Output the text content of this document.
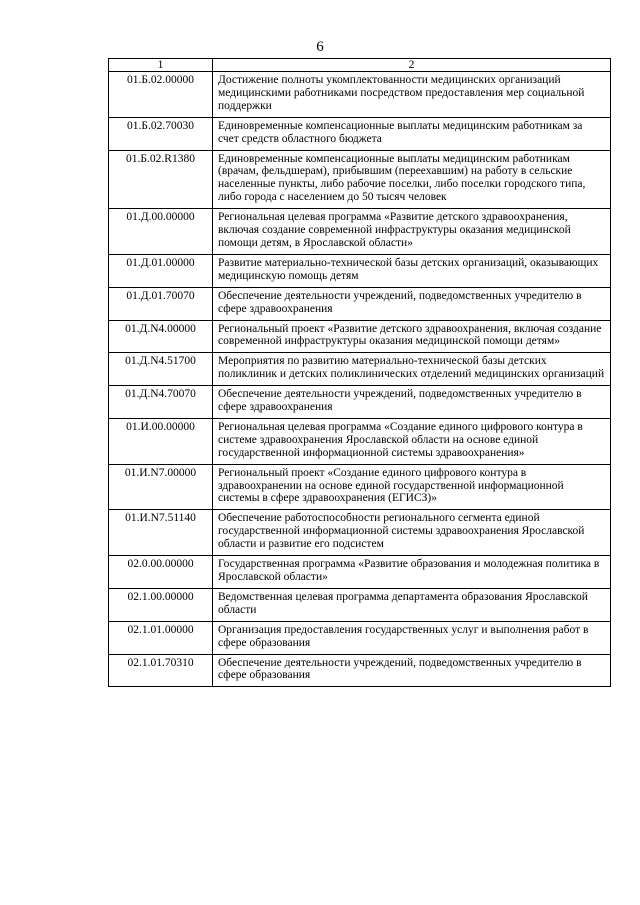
6
1	2
01.Б.02.00000	Достижение полноты укомплектованности медицинских организаций медицинскими работниками посредством предоставления мер социальной поддержки
01.Б.02.70030	Единовременные компенсационные выплаты медицинским работникам за счет средств областного бюджета
01.Б.02.R1380	Единовременные компенсационные выплаты медицинским работникам (врачам, фельдшерам), прибывшим (переехавшим) на работу в сельские населенные пункты, либо рабочие поселки, либо поселки городского типа, либо города с населением до 50 тысяч человек
01.Д.00.00000	Региональная целевая программа «Развитие детского здравоохранения, включая создание современной инфраструктуры оказания медицинской помощи детям, в Ярославской области»
01.Д.01.00000	Развитие материально-технической базы детских организаций, оказывающих медицинскую помощь детям
01.Д.01.70070	Обеспечение деятельности учреждений, подведомственных учредителю в сфере здравоохранения
01.Д.N4.00000	Региональный проект «Развитие детского здравоохранения, включая создание современной инфраструктуры оказания медицинской помощи детям»
01.Д.N4.51700	Мероприятия по развитию материально-технической базы детских поликлиник и детских поликлинических отделений медицинских организаций
01.Д.N4.70070	Обеспечение деятельности учреждений, подведомственных учредителю в сфере здравоохранения
01.И.00.00000	Региональная целевая программа «Создание единого цифрового контура в системе здравоохранения Ярославской области на основе единой государственной информационной системы здравоохранения»
01.И.N7.00000	Региональный проект «Создание единого цифрового контура в здравоохранении на основе единой государственной информационной системы в сфере здравоохранения (ЕГИСЗ)»
01.И.N7.51140	Обеспечение работоспособности регионального сегмента единой государственной информационной системы здравоохранения Ярославской области и развитие его подсистем
02.0.00.00000	Государственная программа «Развитие образования и молодежная политика в Ярославской области»
02.1.00.00000	Ведомственная целевая программа департамента образования Ярославской области
02.1.01.00000	Организация предоставления государственных услуг и выполнения работ в сфере образования
02.1.01.70310	Обеспечение деятельности учреждений, подведомственных учредителю в сфере образования
